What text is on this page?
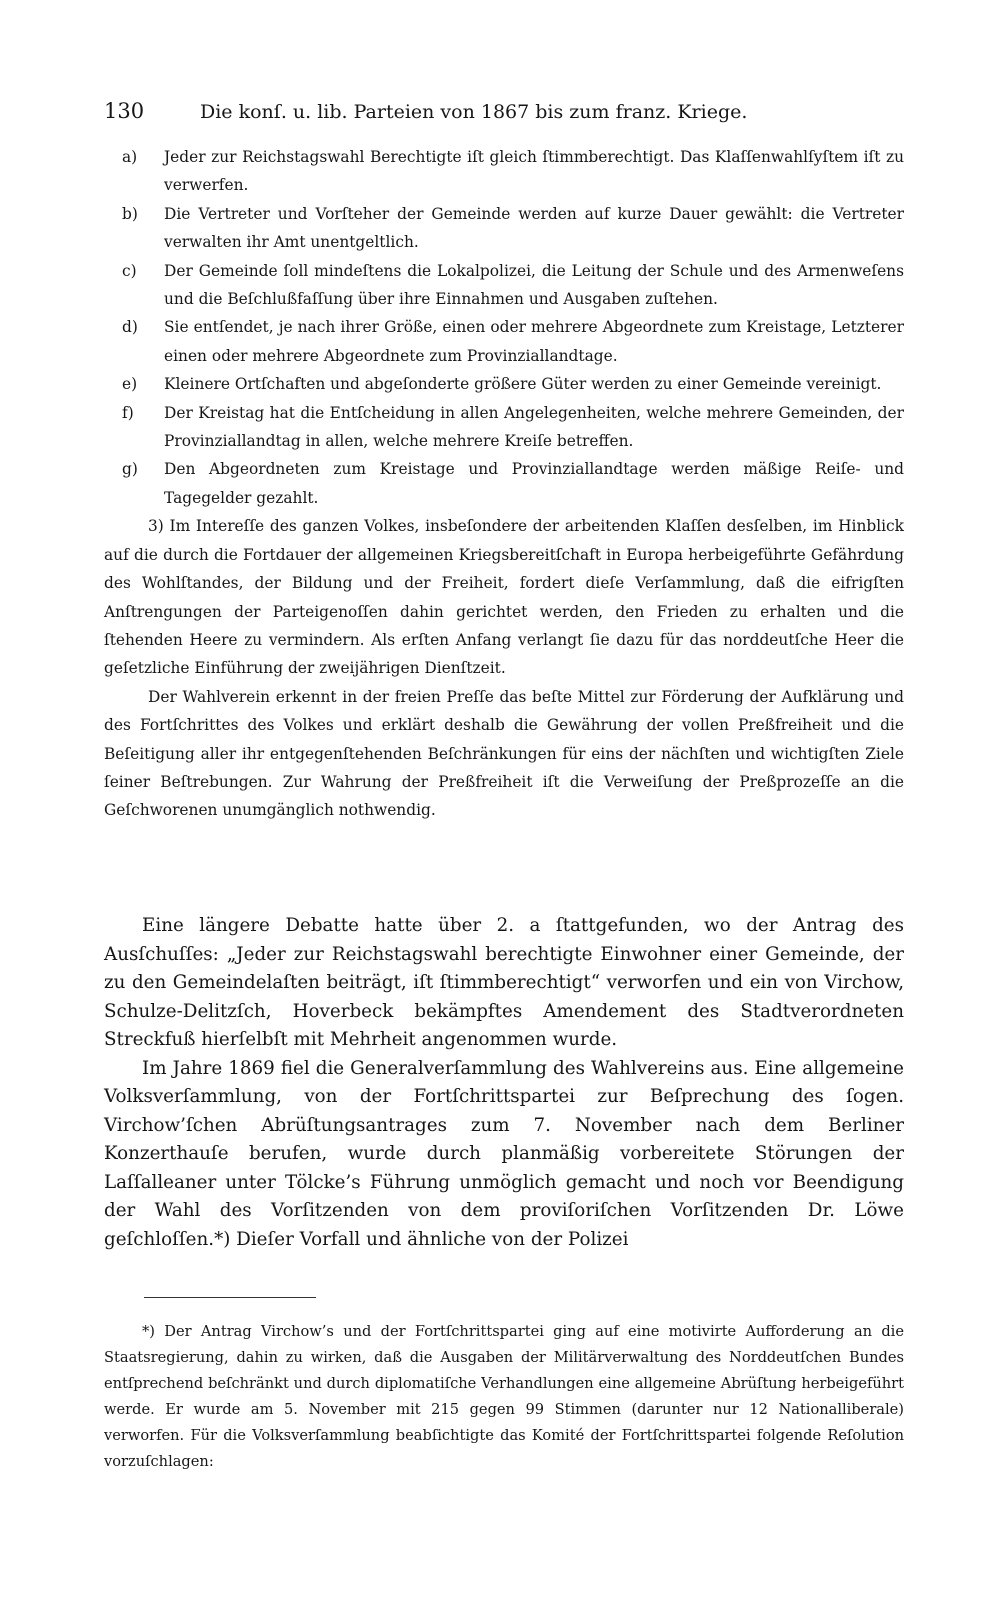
130	Die konſ. u. lib. Parteien von 1867 bis zum franz. Kriege.
a) Jeder zur Reichstagswahl Berechtigte iſt gleich ſtimmberechtigt. Das Klaſſenwahlſyſtem iſt zu verwerfen.
b) Die Vertreter und Vorſteher der Gemeinde werden auf kurze Dauer gewählt: die Vertreter verwalten ihr Amt unentgeltlich.
c) Der Gemeinde ſoll mindeſtens die Lokalpolizei, die Leitung der Schule und des Armenweſens und die Beſchlußfaſſung über ihre Einnahmen und Ausgaben zuſtehen.
d) Sie entſendet, je nach ihrer Größe, einen oder mehrere Abgeordnete zum Kreistage, Letzterer einen oder mehrere Abgeordnete zum Provinziallandtage.
e) Kleinere Ortſchaften und abgeſonderte größere Güter werden zu einer Gemeinde vereinigt.
f) Der Kreistag hat die Entſcheidung in allen Angelegenheiten, welche mehrere Gemeinden, der Provinziallandtag in allen, welche mehrere Kreiſe betreffen.
g) Den Abgeordneten zum Kreistage und Provinziallandtage werden mäßige Reiſe- und Tagegelder gezahlt.

3) Im Intereſſe des ganzen Volkes, insbeſondere der arbeitenden Klaſſen desſelben, im Hinblick auf die durch die Fortdauer der allgemeinen Kriegsbereitſchaft in Europa herbeigeführte Gefährdung des Wohlſtandes, der Bildung und der Freiheit, fordert dieſe Verſammlung, daß die eifrigſten Anſtrengungen der Parteigenoſſen dahin gerichtet werden, den Frieden zu erhalten und die ſtehenden Heere zu vermindern. Als erſten Anfang verlangt ſie dazu für das norddeutſche Heer die geſetzliche Einführung der zweijährigen Dienſtzeit.

Der Wahlverein erkennt in der freien Preſſe das beſte Mittel zur Förderung der Aufklärung und des Fortſchrittes des Volkes und erklärt deshalb die Gewährung der vollen Preßfreiheit und die Beſeitigung aller ihr entgegenſtehenden Beſchränkungen für eins der nächſten und wichtigſten Ziele ſeiner Beſtrebungen. Zur Wahrung der Preßfreiheit iſt die Verweiſung der Preßprozeſſe an die Geſchworenen unumgänglich nothwendig.

Eine längere Debatte hatte über 2. a ſtattgefunden, wo der Antrag des Ausſchuſſes: „Jeder zur Reichstagswahl berechtigte Einwohner einer Gemeinde, der zu den Gemeindelaſten beiträgt, iſt ſtimmberechtigt“ verworfen und ein von Virchow, Schulze-Delitzſch, Hoverbeck bekämpftes Amendement des Stadtverordneten Streckfuß hierſelbſt mit Mehrheit angenommen wurde.

Im Jahre 1869 fiel die Generalverſammlung des Wahlvereins aus. Eine allgemeine Volksverſammlung, von der Fortſchrittspartei zur Beſprechung des ſogen. Virchow’ſchen Abrüſtungsantrages zum 7. November nach dem Berliner Konzerthauſe berufen, wurde durch planmäßig vorbereitete Störungen der Laſſalleaner unter Tölcke’s Führung unmöglich gemacht und noch vor Beendigung der Wahl des Vorſitzenden von dem proviſoriſchen Vorſitzenden Dr. Löwe geſchloſſen.*) Dieſer Vorfall und ähnliche von der Polizei

*) Der Antrag Virchow’s und der Fortſchrittspartei ging auf eine motivirte Aufforderung an die Staatsregierung, dahin zu wirken, daß die Ausgaben der Militärverwaltung des Norddeutſchen Bundes entſprechend beſchränkt und durch diplomatiſche Verhandlungen eine allgemeine Abrüſtung herbeigeführt werde. Er wurde am 5. November mit 215 gegen 99 Stimmen (darunter nur 12 Nationalliberale) verworfen. Für die Volksverſammlung beabſichtigte das Komité der Fortſchrittspartei folgende Reſolution vorzuſchlagen:
